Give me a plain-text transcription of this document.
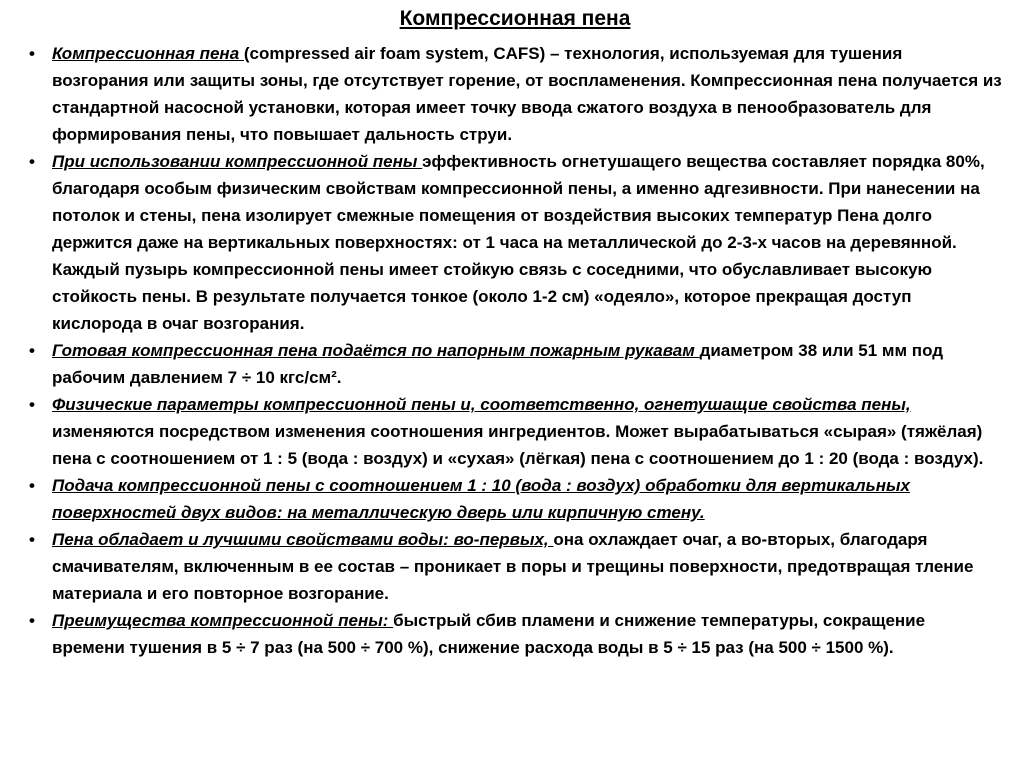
Компрессионная пена
• Компрессионная пена (compressed air foam system, CAFS) – технология, используемая для тушения возгорания или защиты зоны, где отсутствует горение, от воспламенения. Компрессионная пена получается из стандартной насосной установки, которая имеет точку ввода сжатого воздуха в пенообразователь для формирования пены, что повышает дальность струи.
• При использовании компрессионной пены эффективность огнетушащего вещества составляет порядка 80%, благодаря особым физическим свойствам компрессионной пены, а именно адгезивности. При нанесении на потолок и стены, пена изолирует смежные помещения от воздействия высоких температур Пена долго держится даже на вертикальных поверхностях: от 1 часа на металлической до 2-3-х часов на деревянной. Каждый пузырь компрессионной пены имеет стойкую связь с соседними, что обуславливает высокую стойкость пены. В результате получается тонкое (около 1-2 см) «одеяло», которое прекращая доступ кислорода в очаг возгорания.
• Готовая компрессионная пена подаётся по напорным пожарным рукавам диаметром 38 или 51 мм под рабочим давлением 7 ÷ 10 кгс/см².
• Физические параметры компрессионной пены и, соответственно, огнетушащие свойства пены, изменяются посредством изменения соотношения ингредиентов. Может вырабатываться «сырая» (тяжёлая) пена с соотношением от 1 : 5 (вода : воздух) и «сухая» (лёгкая) пена с соотношением до 1 : 20 (вода : воздух).
• Подача компрессионной пены с соотношением 1 : 10 (вода : воздух) обработки для вертикальных поверхностей двух видов: на металлическую дверь или кирпичную стену.
• Пена обладает и лучшими свойствами воды: во-первых, она охлаждает очаг, а во-вторых, благодаря смачивателям, включенным в ее состав – проникает в поры и трещины поверхности, предотвращая тление материала и его повторное возгорание.
• Преимущества компрессионной пены: быстрый сбив пламени и снижение температуры, сокращение времени тушения в 5 ÷ 7 раз (на 500 ÷ 700 %), снижение расхода воды в 5 ÷ 15 раз (на 500 ÷ 1500 %).
